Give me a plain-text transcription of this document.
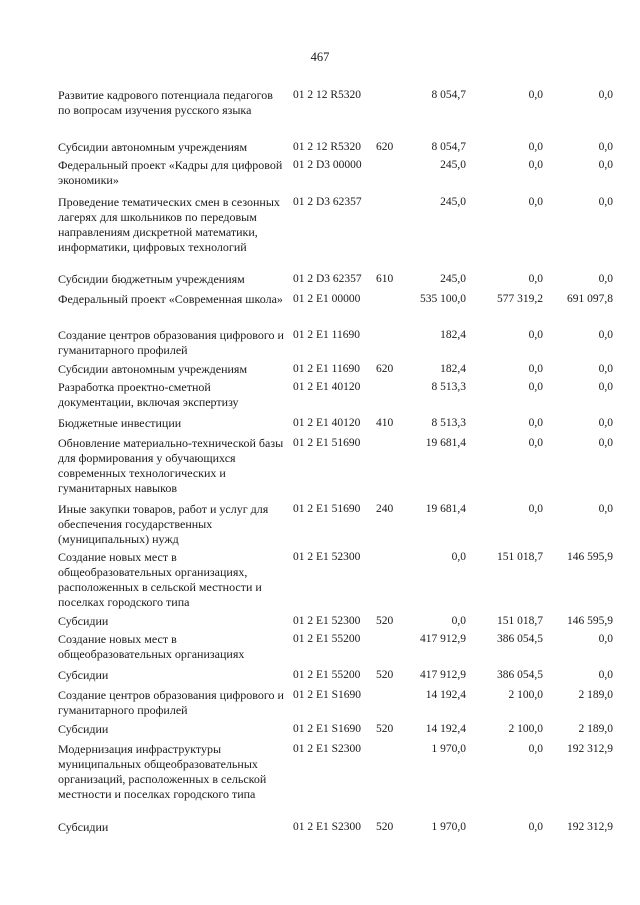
467
Развитие кадрового потенциала педагогов по вопросам изучения русского языка
01 2 12 R5320	8 054,7	0,0	0,0
Субсидии автономным учреждениям	01 2 12 R5320	620	8 054,7	0,0	0,0
Федеральный проект «Кадры для цифровой экономики»
01 2 D3 00000	245,0	0,0	0,0
Проведение тематических смен в сезонных лагерях для школьников по передовым направлениям дискретной математики, информатики, цифровых технологий
01 2 D3 62357	245,0	0,0	0,0
Субсидии бюджетным учреждениям	01 2 D3 62357	610	245,0	0,0	0,0
Федеральный проект «Современная школа» 01 2 E1 00000	535 100,0	577 319,2	691 097,8
Создание центров образования цифрового и гуманитарного профилей
01 2 E1 11690	182,4	0,0	0,0
Субсидии автономным учреждениям	01 2 E1 11690	620	182,4	0,0	0,0
Разработка проектно-сметной документации, включая экспертизу
01 2 E1 40120	8 513,3	0,0	0,0
Бюджетные инвестиции	01 2 E1 40120	410	8 513,3	0,0	0,0
Обновление материально-технической базы для формирования у обучающихся современных технологических и гуманитарных навыков
01 2 E1 51690	19 681,4	0,0	0,0
Иные закупки товаров, работ и услуг для обеспечения государственных (муниципальных) нужд
01 2 E1 51690	240	19 681,4	0,0	0,0
Создание новых мест в общеобразовательных организациях, расположенных в сельской местности и поселках городского типа
01 2 E1 52300	0,0	151 018,7	146 595,9
Субсидии	01 2 E1 52300	520	0,0	151 018,7	146 595,9
Создание новых мест в общеобразовательных организациях
01 2 E1 55200	417 912,9	386 054,5	0,0
Субсидии	01 2 E1 55200	520	417 912,9	386 054,5	0,0
Создание центров образования цифрового и гуманитарного профилей
01 2 E1 S1690	14 192,4	2 100,0	2 189,0
Субсидии	01 2 E1 S1690	520	14 192,4	2 100,0	2 189,0
Модернизация инфраструктуры муниципальных общеобразовательных организаций, расположенных в сельской местности и поселках городского типа
01 2 E1 S2300	1 970,0	0,0	192 312,9
Субсидии	01 2 E1 S2300	520	1 970,0	0,0	192 312,9
